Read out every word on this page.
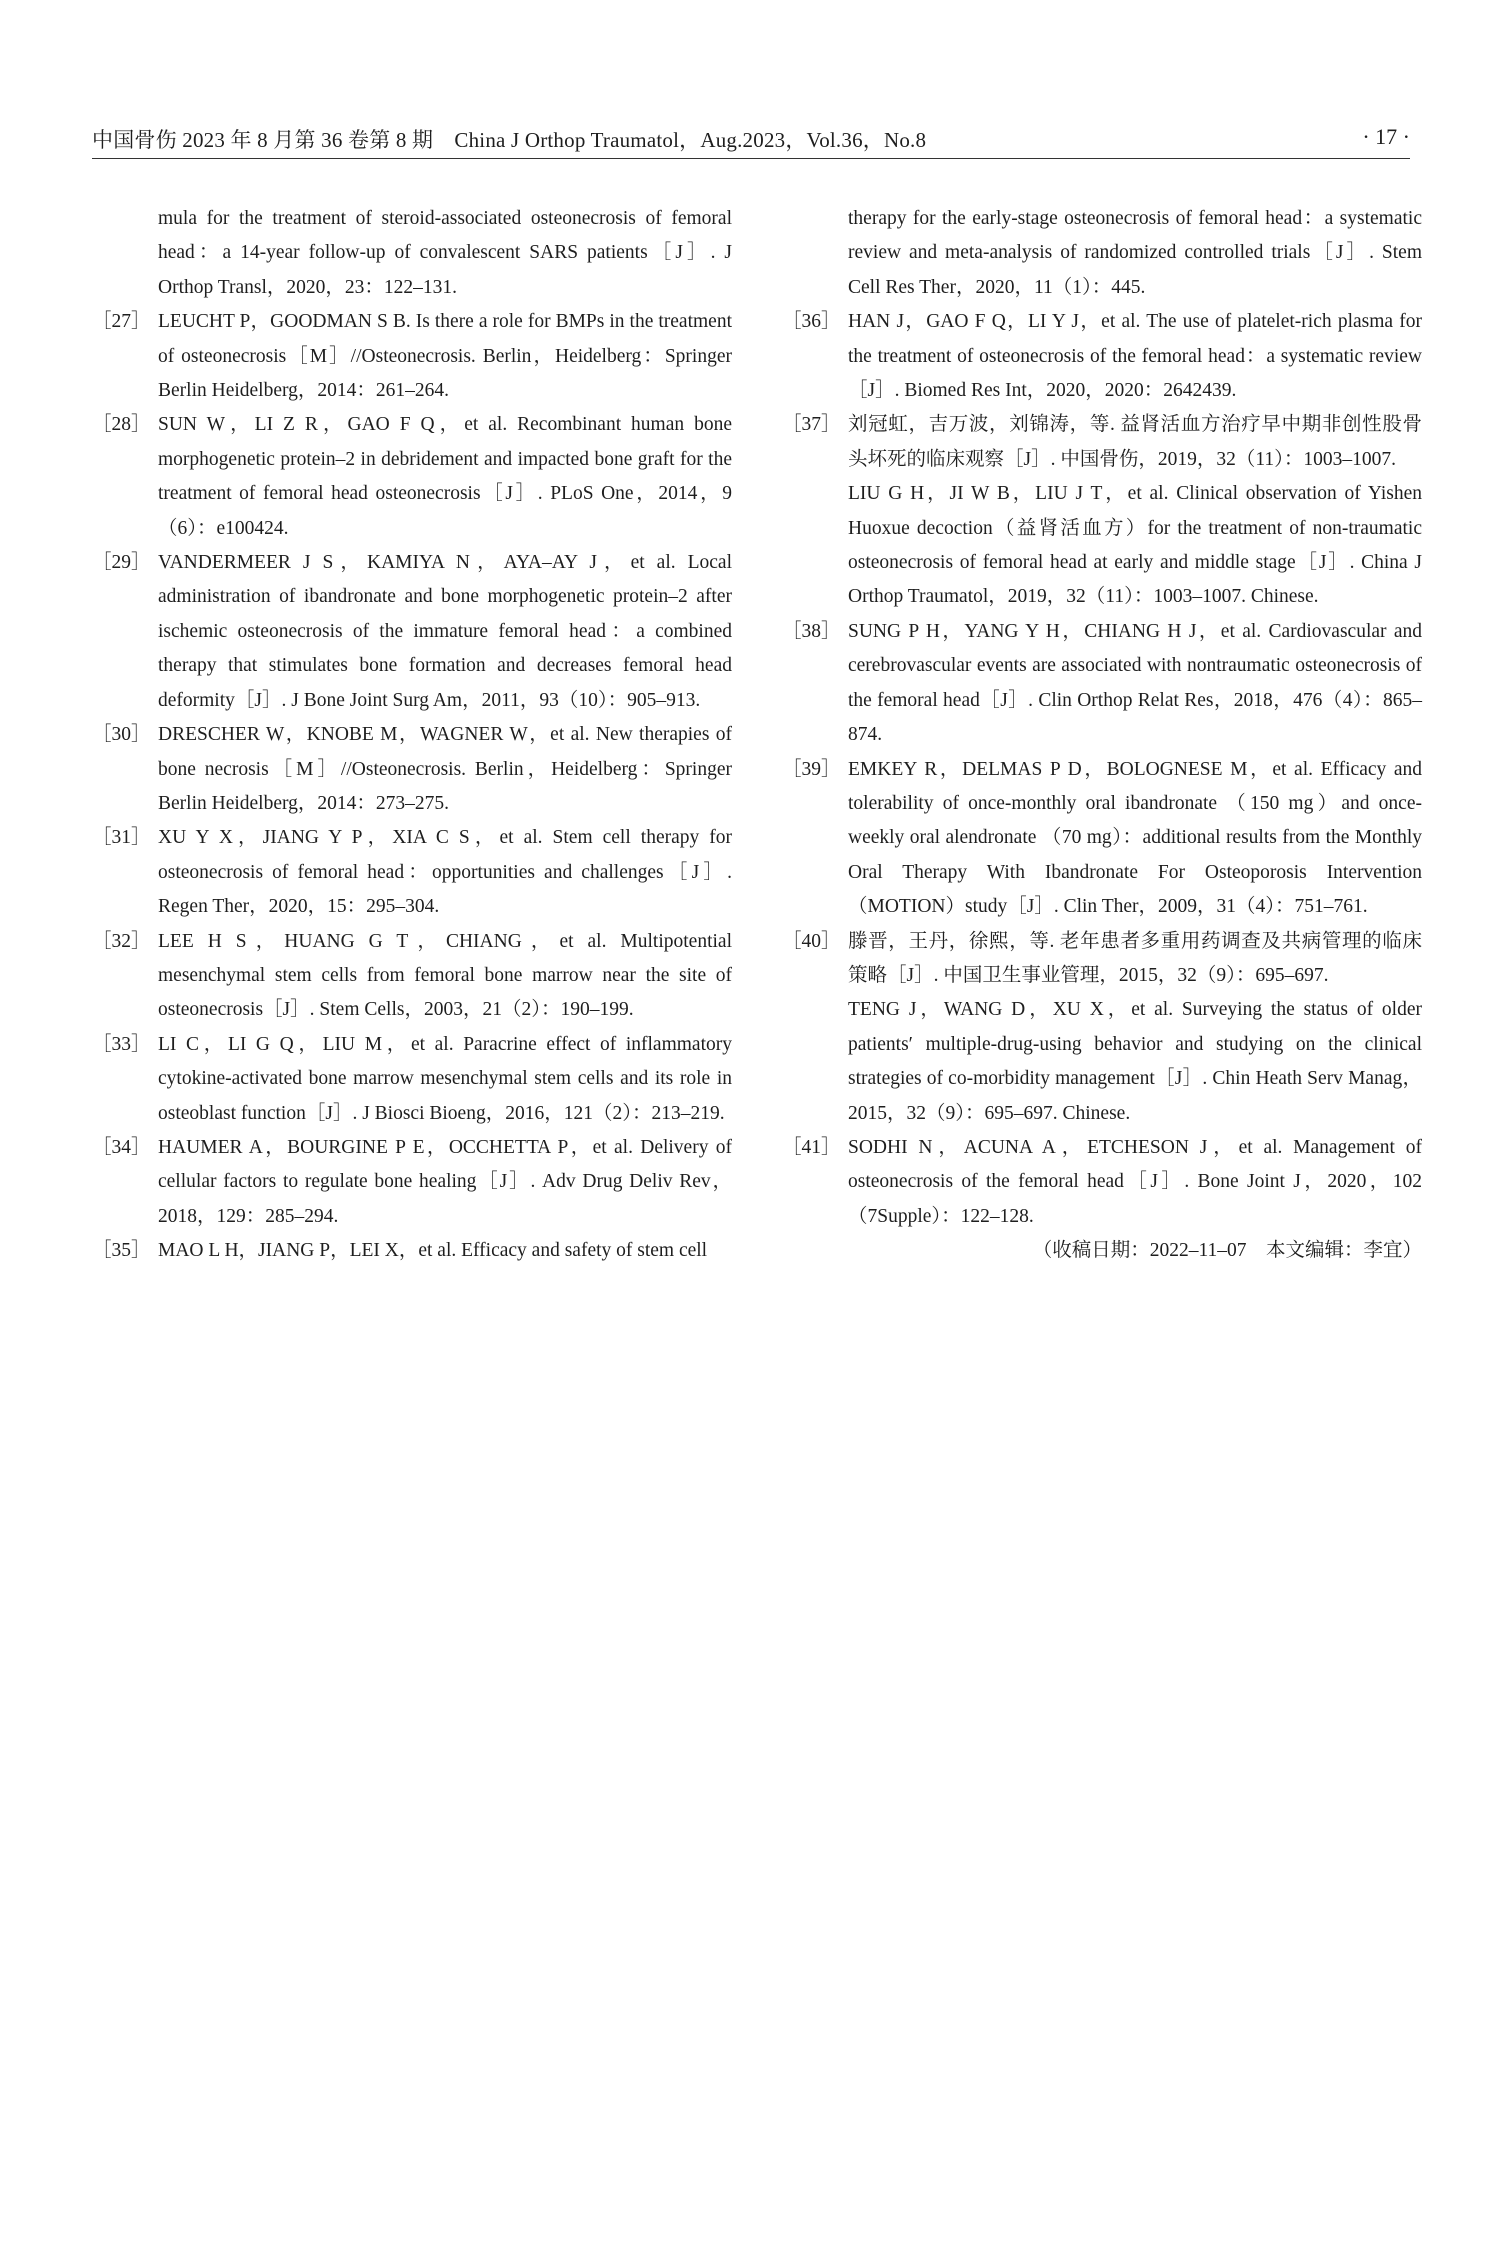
中国骨伤 2023 年 8 月第 36 卷第 8 期　China J Orthop Traumatol，Aug.2023，Vol.36，No.8	· 17 ·
mula for the treatment of steroid-associated osteonecrosis of femoral head：a 14-year follow-up of convalescent SARS patients［J］. J Orthop Transl，2020，23：122–131.
［27］ LEUCHT P，GOODMAN S B. Is there a role for BMPs in the treatment of osteonecrosis［M］//Osteonecrosis. Berlin，Heidelberg：Springer Berlin Heidelberg，2014：261–264.
［28］ SUN W，LI Z R，GAO F Q，et al. Recombinant human bone morphogenetic protein–2 in debridement and impacted bone graft for the treatment of femoral head osteonecrosis［J］. PLoS One，2014，9（6）：e100424.
［29］ VANDERMEER J S，KAMIYA N，AYA–AY J，et al. Local administration of ibandronate and bone morphogenetic protein–2 after ischemic osteonecrosis of the immature femoral head：a combined therapy that stimulates bone formation and decreases femoral head deformity［J］. J Bone Joint Surg Am，2011，93（10）：905–913.
［30］ DRESCHER W，KNOBE M，WAGNER W，et al. New therapies of bone necrosis［M］//Osteonecrosis. Berlin，Heidelberg：Springer Berlin Heidelberg，2014：273–275.
［31］ XU Y X，JIANG Y P，XIA C S，et al. Stem cell therapy for osteonecrosis of femoral head：opportunities and challenges［J］. Regen Ther，2020，15：295–304.
［32］ LEE H S，HUANG G T，CHIANG，et al. Multipotential mesenchymal stem cells from femoral bone marrow near the site of osteonecrosis［J］. Stem Cells，2003，21（2）：190–199.
［33］ LI C，LI G Q，LIU M，et al. Paracrine effect of inflammatory cytokine-activated bone marrow mesenchymal stem cells and its role in osteoblast function［J］. J Biosci Bioeng，2016，121（2）：213–219.
［34］ HAUMER A，BOURGINE P E，OCCHETTA P，et al. Delivery of cellular factors to regulate bone healing［J］. Adv Drug Deliv Rev，2018，129：285–294.
［35］ MAO L H，JIANG P，LEI X，et al. Efficacy and safety of stem cell
therapy for the early-stage osteonecrosis of femoral head：a systematic review and meta-analysis of randomized controlled trials［J］. Stem Cell Res Ther，2020，11（1）：445.
［36］ HAN J，GAO F Q，LI Y J，et al. The use of platelet-rich plasma for the treatment of osteonecrosis of the femoral head：a systematic review［J］. Biomed Res Int，2020，2020：2642439.
［37］ 刘冠虹，吉万波，刘锦涛，等. 益肾活血方治疗早中期非创性股骨头坏死的临床观察［J］. 中国骨伤，2019，32（11）：1003–1007.
LIU G H，JI W B，LIU J T，et al. Clinical observation of Yishen Huoxue decoction（益肾活血方）for the treatment of non-traumatic osteonecrosis of femoral head at early and middle stage［J］. China J Orthop Traumatol，2019，32（11）：1003–1007. Chinese.
［38］ SUNG P H，YANG Y H，CHIANG H J，et al. Cardiovascular and cerebrovascular events are associated with nontraumatic osteonecrosis of the femoral head［J］. Clin Orthop Relat Res，2018，476（4）：865–874.
［39］ EMKEY R，DELMAS P D，BOLOGNESE M，et al. Efficacy and tolerability of once-monthly oral ibandronate （150 mg）and once-weekly oral alendronate （70 mg）：additional results from the Monthly Oral Therapy With Ibandronate For Osteoporosis Intervention（MOTION）study［J］. Clin Ther，2009，31（4）：751–761.
［40］ 滕晋，王丹，徐熙，等. 老年患者多重用药调查及共病管理的临床策略［J］. 中国卫生事业管理，2015，32（9）：695–697.
TENG J，WANG D，XU X，et al. Surveying the status of older patients′ multiple-drug-using behavior and studying on the clinical strategies of co-morbidity management［J］. Chin Heath Serv Manag，2015，32（9）：695–697. Chinese.
［41］ SODHI N，ACUNA A，ETCHESON J，et al. Management of osteonecrosis of the femoral head［J］. Bone Joint J，2020，102（7Supple）：122–128.
（收稿日期：2022–11–07　本文编辑：李宜）
